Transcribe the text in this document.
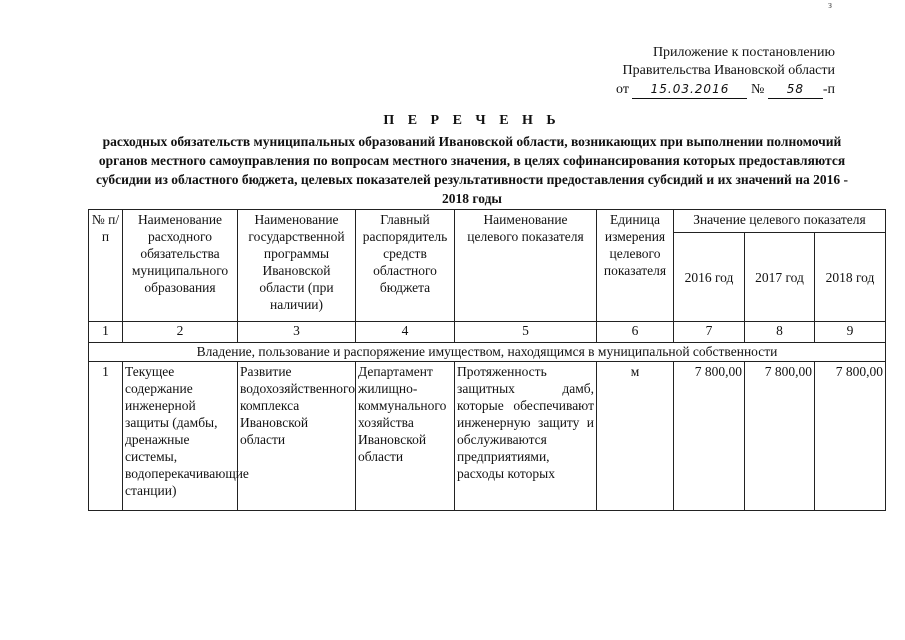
з
Приложение к постановлению
Правительства Ивановской области
от 15.03.2016 № 58 -п
П Е Р Е Ч Е Н Ь
расходных обязательств муниципальных образований Ивановской области, возникающих при выполнении полномочий органов местного самоуправления по вопросам местного значения, в целях софинансирования которых предоставляются субсидии из областного бюджета, целевых показателей результативности предоставления субсидий и их значений на 2016 - 2018 годы
№ п/п	Наименование расходного обязательства муниципального образования	Наименование государственной программы Ивановской области (при наличии)	Главный распорядитель средств областного бюджета	Наименование целевого показателя	Единица измерения целевого показателя	Значение целевого показателя		
						2016 год	2017 год	2018 год
1	2	3	4	5	6	7	8	9
Владение, пользование и распоряжение имуществом, находящимся в муниципальной собственности								
1	Текущее содержание инженерной защиты (дамбы, дренажные системы, водоперекачивающие станции)	Развитие водохозяйственного комплекса Ивановской области	Департамент жилищно-коммунального хозяйства Ивановской области	Протяженность защитных дамб, которые обеспечивают инженерную защиту и обслуживаются предприятиями, расходы которых	м	7 800,00	7 800,00	7 800,00
